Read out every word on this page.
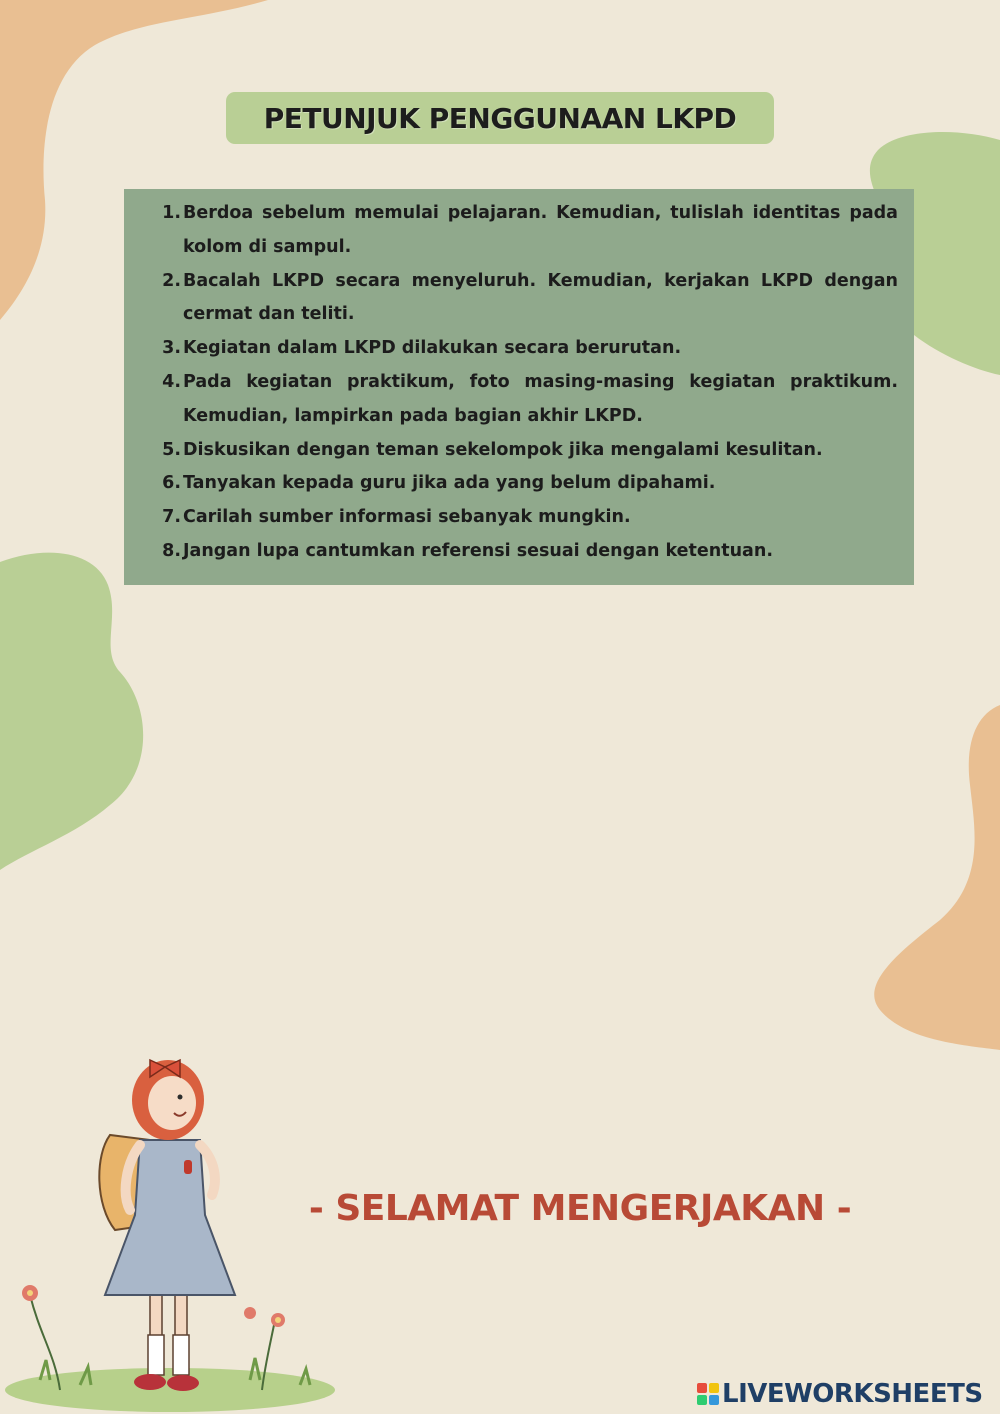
PETUNJUK PENGGUNAAN LKPD
1. Berdoa sebelum memulai pelajaran. Kemudian, tulislah identitas pada kolom di sampul.
2. Bacalah LKPD secara menyeluruh. Kemudian, kerjakan LKPD dengan cermat dan teliti.
3. Kegiatan dalam LKPD dilakukan secara berurutan.
4. Pada kegiatan praktikum, foto masing-masing kegiatan praktikum. Kemudian, lampirkan pada bagian akhir LKPD.
5. Diskusikan dengan teman sekelompok jika mengalami kesulitan.
6. Tanyakan kepada guru jika ada yang belum dipahami.
7. Carilah sumber informasi sebanyak mungkin.
8. Jangan lupa cantumkan referensi sesuai dengan ketentuan.
- SELAMAT MENGERJAKAN -
LIVEWORKSHEETS
